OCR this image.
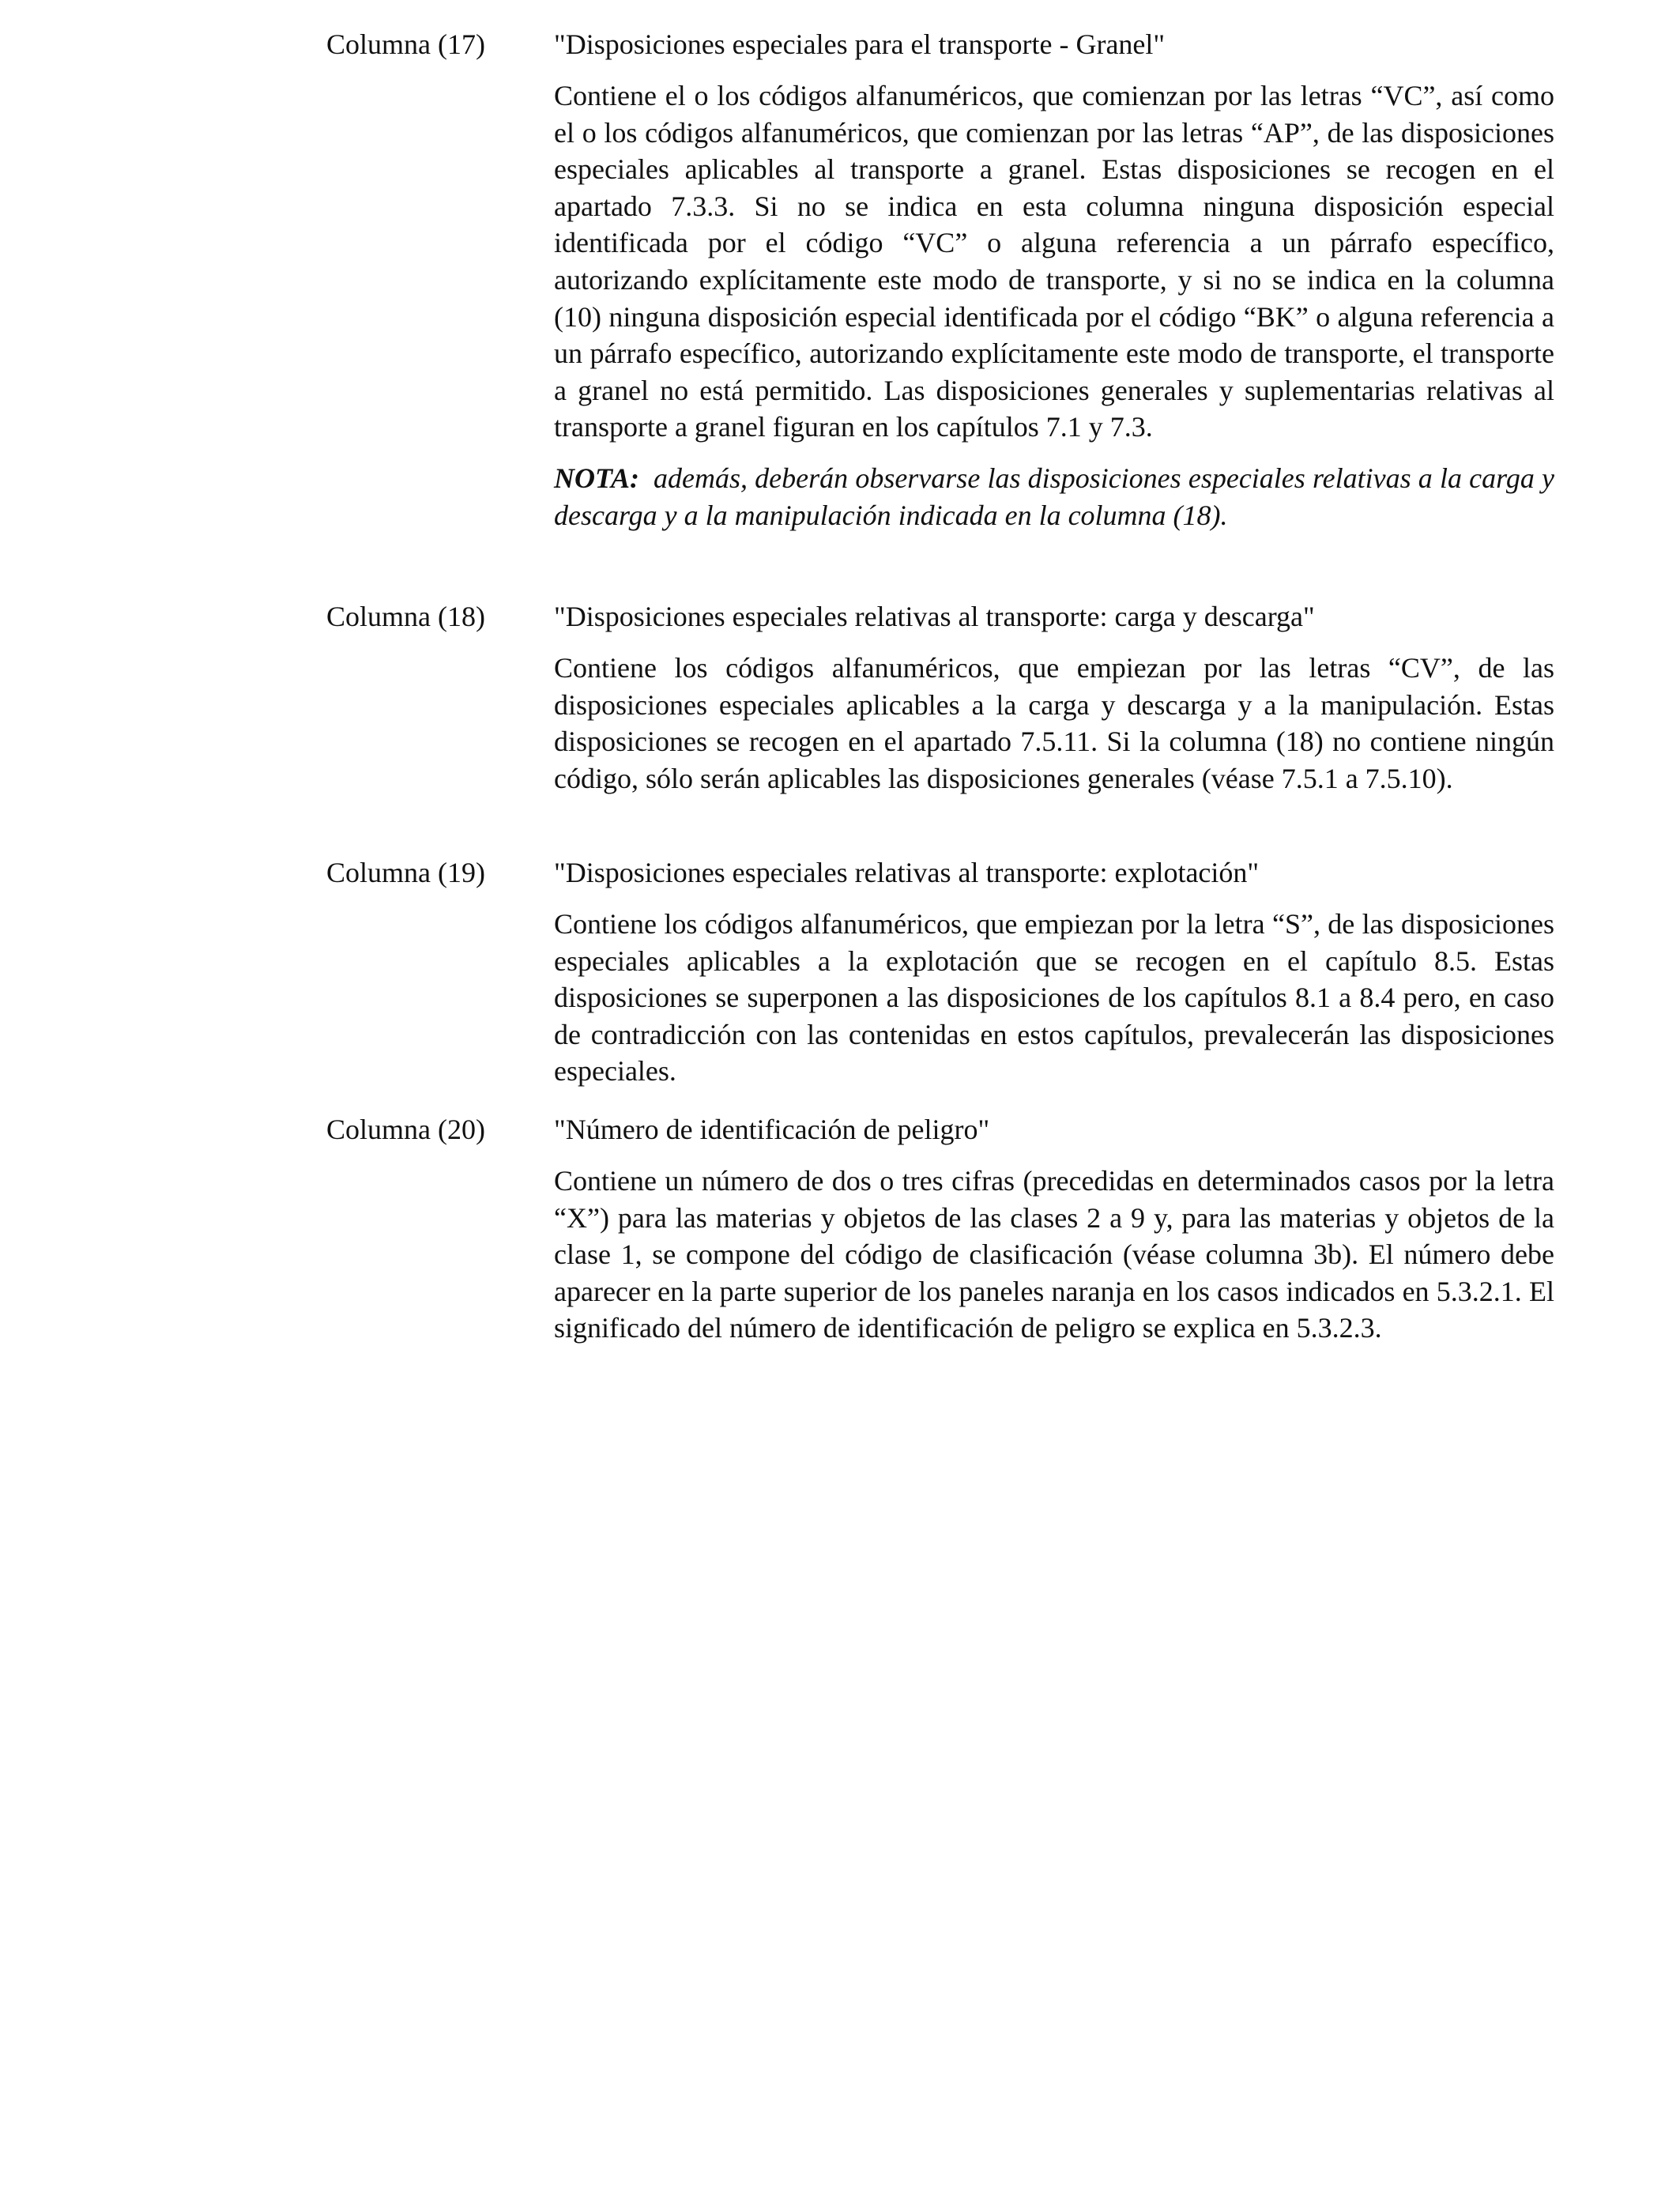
Columna (17)	"Disposiciones especiales para el transporte - Granel"

Contiene el o los códigos alfanuméricos, que comienzan por las letras “VC”, así como el o los códigos alfanuméricos, que comienzan por las letras “AP”, de las disposiciones especiales aplicables al transporte a granel. Estas disposiciones se recogen en el apartado 7.3.3. Si no se indica en esta columna ninguna disposición especial identificada por el código “VC” o alguna referencia a un párrafo específico, autorizando explícitamente este modo de transporte, y si no se indica en la columna (10) ninguna disposición especial identificada por el código “BK” o alguna referencia a un párrafo específico, autorizando explícitamente este modo de transporte, el transporte a granel no está permitido. Las disposiciones generales y suplementarias relativas al transporte a granel figuran en los capítulos 7.1 y 7.3.

NOTA: además, deberán observarse las disposiciones especiales relativas a la carga y descarga y a la manipulación indicada en la columna (18).

Columna (18)	"Disposiciones especiales relativas al transporte: carga y descarga"

Contiene los códigos alfanuméricos, que empiezan por las letras “CV”, de las disposiciones especiales aplicables a la carga y descarga y a la manipulación. Estas disposiciones se recogen en el apartado 7.5.11. Si la columna (18) no contiene ningún código, sólo serán aplicables las disposiciones generales (véase 7.5.1 a 7.5.10).

Columna (19)	"Disposiciones especiales relativas al transporte: explotación"

Contiene los códigos alfanuméricos, que empiezan por la letra “S”, de las disposiciones especiales aplicables a la explotación que se recogen en el capítulo 8.5. Estas disposiciones se superponen a las disposiciones de los capítulos 8.1 a 8.4 pero, en caso de contradicción con las contenidas en estos capítulos, prevalecerán las disposiciones especiales.

Columna (20)	"Número de identificación de peligro"

Contiene un número de dos o tres cifras (precedidas en determinados casos por la letra “X”) para las materias y objetos de las clases 2 a 9 y, para las materias y objetos de la clase 1, se compone del código de clasificación (véase columna 3b). El número debe aparecer en la parte superior de los paneles naranja en los casos indicados en 5.3.2.1. El significado del número de identificación de peligro se explica en 5.3.2.3.
